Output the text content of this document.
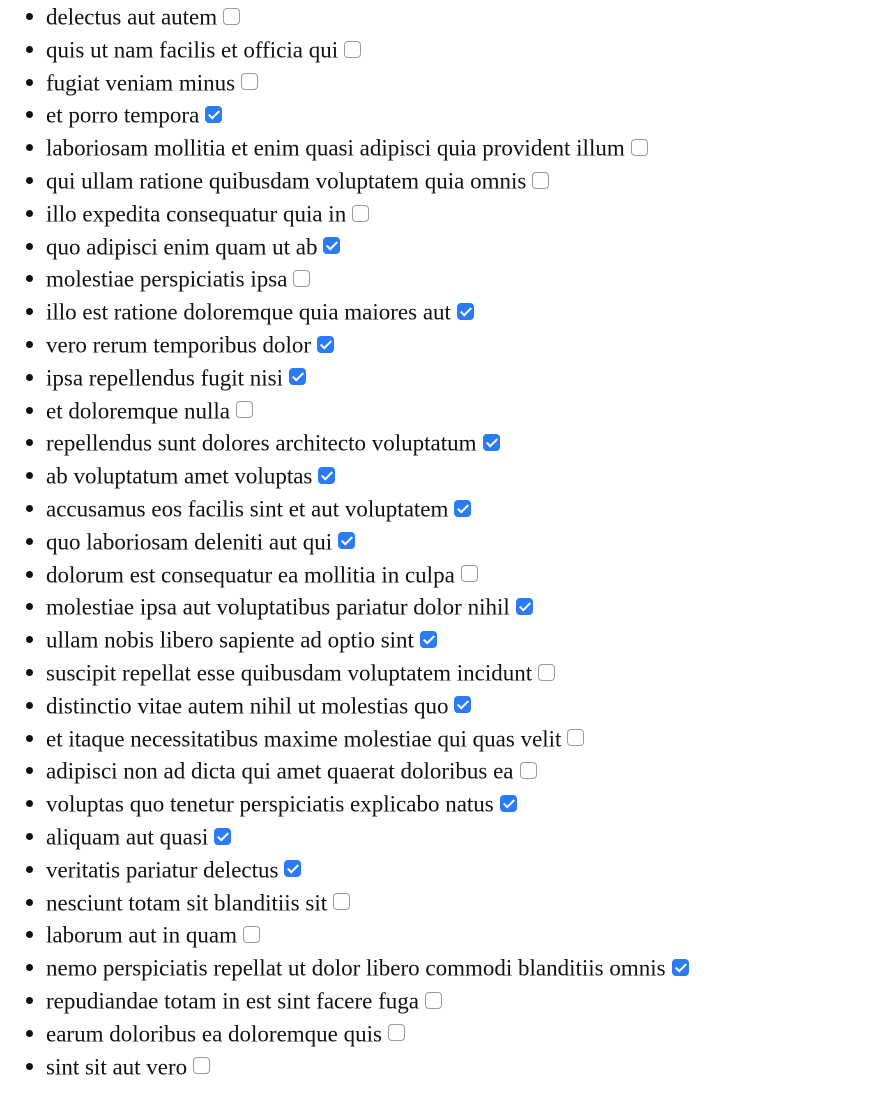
delectus aut autem
quis ut nam facilis et officia qui
fugiat veniam minus
et porro tempora
laboriosam mollitia et enim quasi adipisci quia provident illum
qui ullam ratione quibusdam voluptatem quia omnis
illo expedita consequatur quia in
quo adipisci enim quam ut ab
molestiae perspiciatis ipsa
illo est ratione doloremque quia maiores aut
vero rerum temporibus dolor
ipsa repellendus fugit nisi
et doloremque nulla
repellendus sunt dolores architecto voluptatum
ab voluptatum amet voluptas
accusamus eos facilis sint et aut voluptatem
quo laboriosam deleniti aut qui
dolorum est consequatur ea mollitia in culpa
molestiae ipsa aut voluptatibus pariatur dolor nihil
ullam nobis libero sapiente ad optio sint
suscipit repellat esse quibusdam voluptatem incidunt
distinctio vitae autem nihil ut molestias quo
et itaque necessitatibus maxime molestiae qui quas velit
adipisci non ad dicta qui amet quaerat doloribus ea
voluptas quo tenetur perspiciatis explicabo natus
aliquam aut quasi
veritatis pariatur delectus
nesciunt totam sit blanditiis sit
laborum aut in quam
nemo perspiciatis repellat ut dolor libero commodi blanditiis omnis
repudiandae totam in est sint facere fuga
earum doloribus ea doloremque quis
sint sit aut vero
